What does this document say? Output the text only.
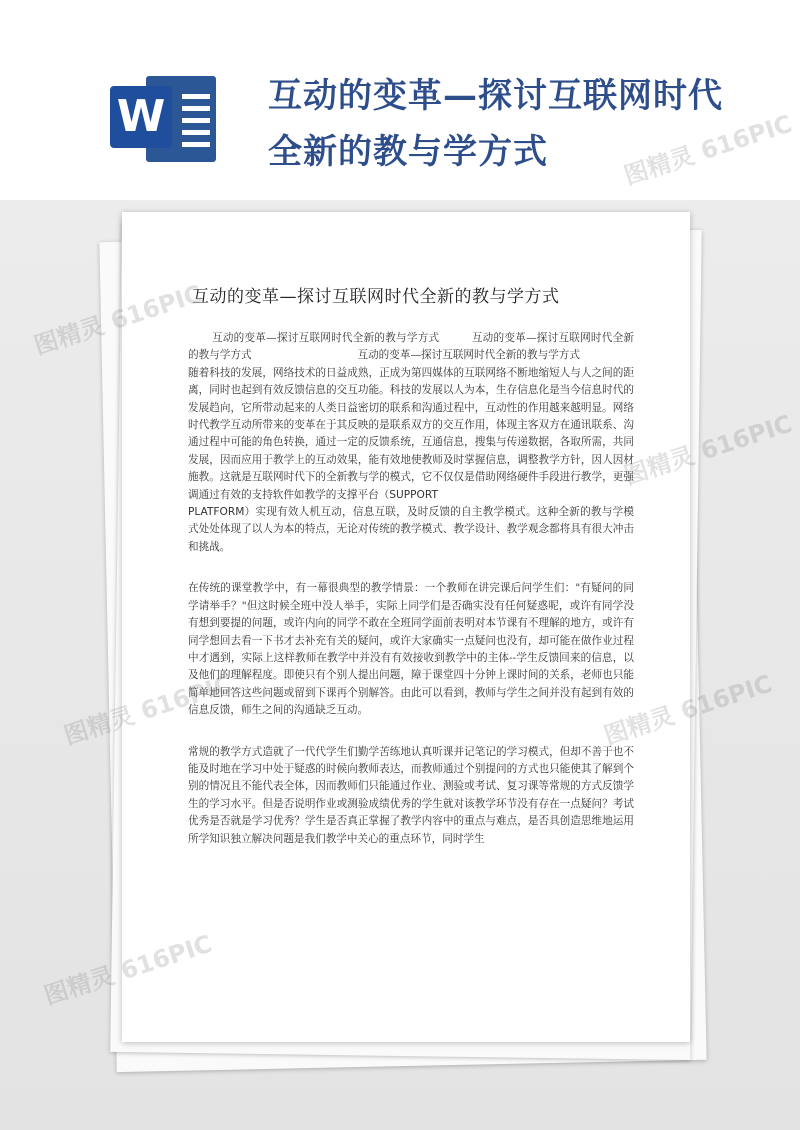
W	互动的变革—探讨互联网时代
全新的教与学方式
互动的变革—探讨互联网时代全新的教与学方式

互动的变革—探讨互联网时代全新的教与学方式　　　互动的变革—探讨互联网时代全新的教与学方式　　　　　　　　　　互动的变革—探讨互联网时代全新的教与学方式

随着科技的发展，网络技术的日益成熟，正成为第四媒体的互联网络不断地缩短人与人之间的距离，同时也起到有效反馈信息的交互功能。科技的发展以人为本，生存信息化是当今信息时代的发展趋向，它所带动起来的人类日益密切的联系和沟通过程中，互动性的作用越来越明显。网络时代教学互动所带来的变革在于其反映的是联系双方的交互作用，体现主客双方在通讯联系、沟通过程中可能的角色转换，通过一定的反馈系统，互通信息，搜集与传递数据，各取所需，共同发展，因而应用于教学上的互动效果，能有效地使教师及时掌握信息，调整教学方针，因人因材施教。这就是互联网时代下的全新教与学的模式，它不仅仅是借助网络硬件手段进行教学，更强调通过有效的支持软件如教学的支撑平台（SUPPORT
PLATFORM）实现有效人机互动，信息互联，及时反馈的自主教学模式。这种全新的教与学模式处处体现了以人为本的特点，无论对传统的教学模式、教学设计、教学观念都将具有很大冲击和挑战。

在传统的课堂教学中，有一幕很典型的教学情景：一个教师在讲完课后问学生们："有疑问的同学请举手？"但这时候全班中没人举手，实际上同学们是否确实没有任何疑惑呢，或许有同学没有想到要提的问题，或许内向的同学不敢在全班同学面前表明对本节课有不理解的地方，或许有同学想回去看一下书才去补充有关的疑问，或许大家确实一点疑问也没有，却可能在做作业过程中才遇到，实际上这样教师在教学中并没有有效接收到教学中的主体--学生反馈回来的信息，以及他们的理解程度。即使只有个别人提出问题，障于课堂四十分钟上课时间的关系，老师也只能简单地回答这些问题或留到下课再个别解答。由此可以看到，教师与学生之间并没有起到有效的信息反馈，师生之间的沟通缺乏互动。

常规的教学方式造就了一代代学生们勤学苦练地认真听课并记笔记的学习模式，但却不善于也不能及时地在学习中处于疑惑的时候向教师表达，而教师通过个别提问的方式也只能使其了解到个别的情况且不能代表全体，因而教师们只能通过作业、测验或考试、复习课等常规的方式反馈学生的学习水平。但是否说明作业或测验成绩优秀的学生就对该教学环节没有存在一点疑问？考试优秀是否就是学习优秀？学生是否真正掌握了教学内容中的重点与难点，是否具创造思维地运用所学知识独立解决问题是我们教学中关心的重点环节，同时学生

图精灵 616PIC
图精灵 616PIC
图精灵 616PIC
图精灵 616PIC	图精灵 616PIC
图精灵 616PIC
